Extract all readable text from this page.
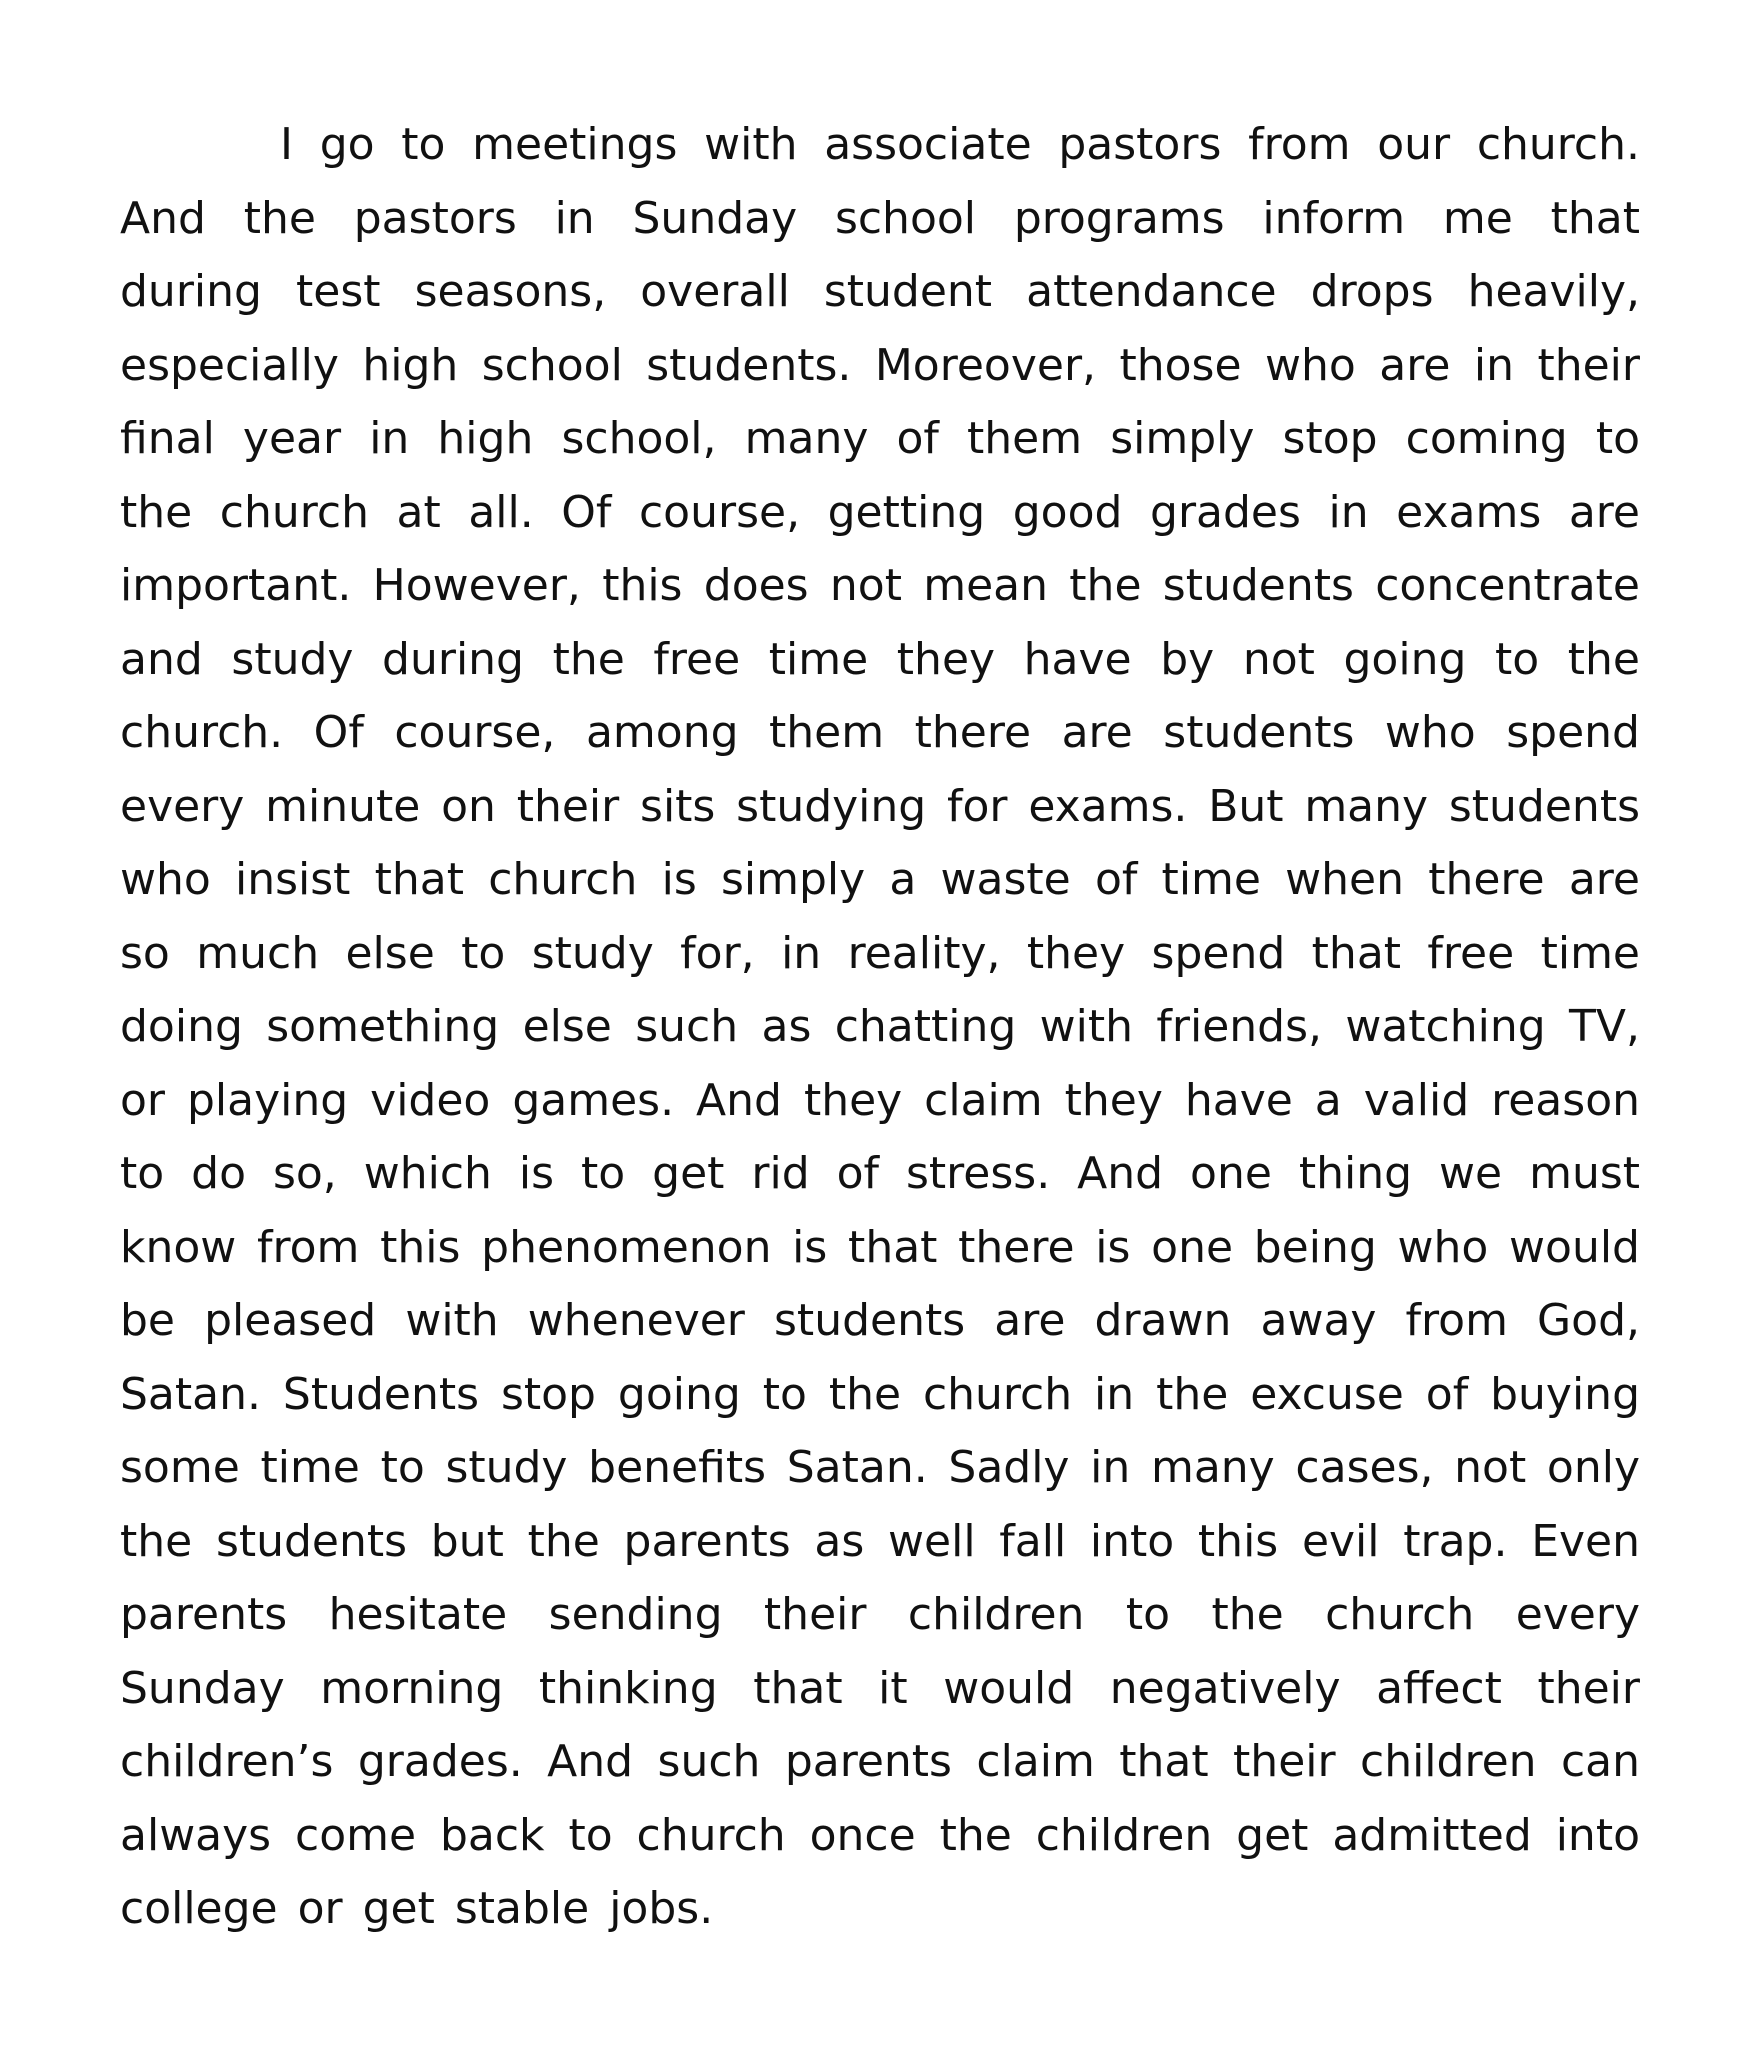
I go to meetings with associate pastors from our church. And the pastors in Sunday school programs inform me that during test seasons, overall student attendance drops heavily, especially high school students. Moreover, those who are in their final year in high school, many of them simply stop coming to the church at all. Of course, getting good grades in exams are important. However, this does not mean the students concentrate and study during the free time they have by not going to the church. Of course, among them there are students who spend every minute on their sits studying for exams. But many students who insist that church is simply a waste of time when there are so much else to study for, in reality, they spend that free time doing something else such as chatting with friends, watching TV, or playing video games. And they claim they have a valid reason to do so, which is to get rid of stress. And one thing we must know from this phenomenon is that there is one being who would be pleased with whenever students are drawn away from God, Satan. Students stop going to the church in the excuse of buying some time to study benefits Satan. Sadly in many cases, not only the students but the parents as well fall into this evil trap. Even parents hesitate sending their children to the church every Sunday morning thinking that it would negatively affect their children’s grades. And such parents claim that their children can always come back to church once the children get admitted into college or get stable jobs.
